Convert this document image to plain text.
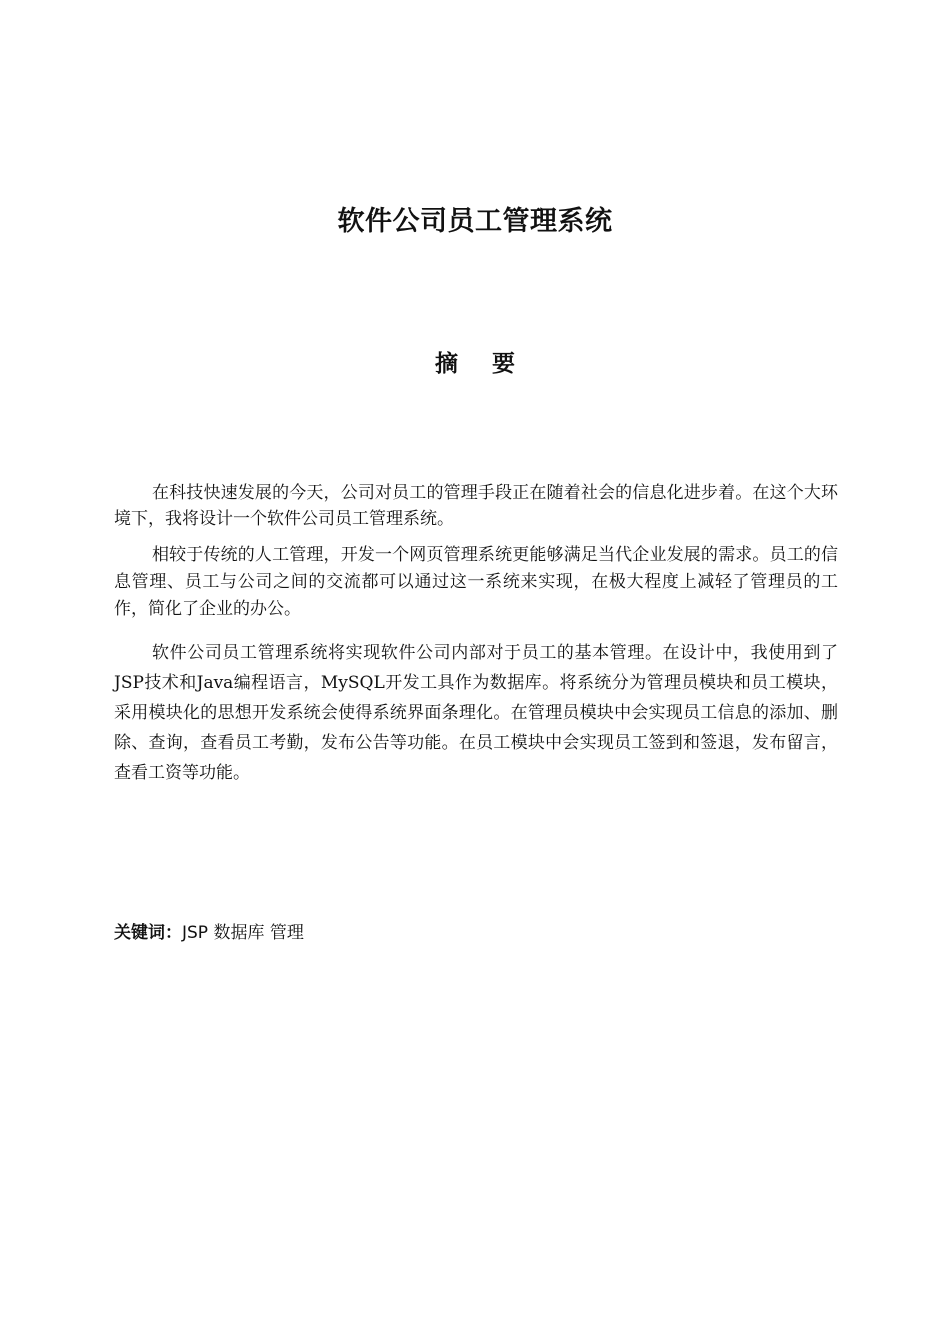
软件公司员工管理系统
摘要

在科技快速发展的今天，公司对员工的管理手段正在随着社会的信息化进步着。在这个大环境下，我将设计一个软件公司员工管理系统。

相较于传统的人工管理，开发一个网页管理系统更能够满足当代企业发展的需求。员工的信息管理、员工与公司之间的交流都可以通过这一系统来实现，在极大程度上减轻了管理员的工作，简化了企业的办公。

软件公司员工管理系统将实现软件公司内部对于员工的基本管理。在设计中，我使用到了JSP技术和Java编程语言，MySQL开发工具作为数据库。将系统分为管理员模块和员工模块，采用模块化的思想开发系统会使得系统界面条理化。在管理员模块中会实现员工信息的添加、删除、查询，查看员工考勤，发布公告等功能。在员工模块中会实现员工签到和签退，发布留言，查看工资等功能。

关键词：JSP 数据库 管理
